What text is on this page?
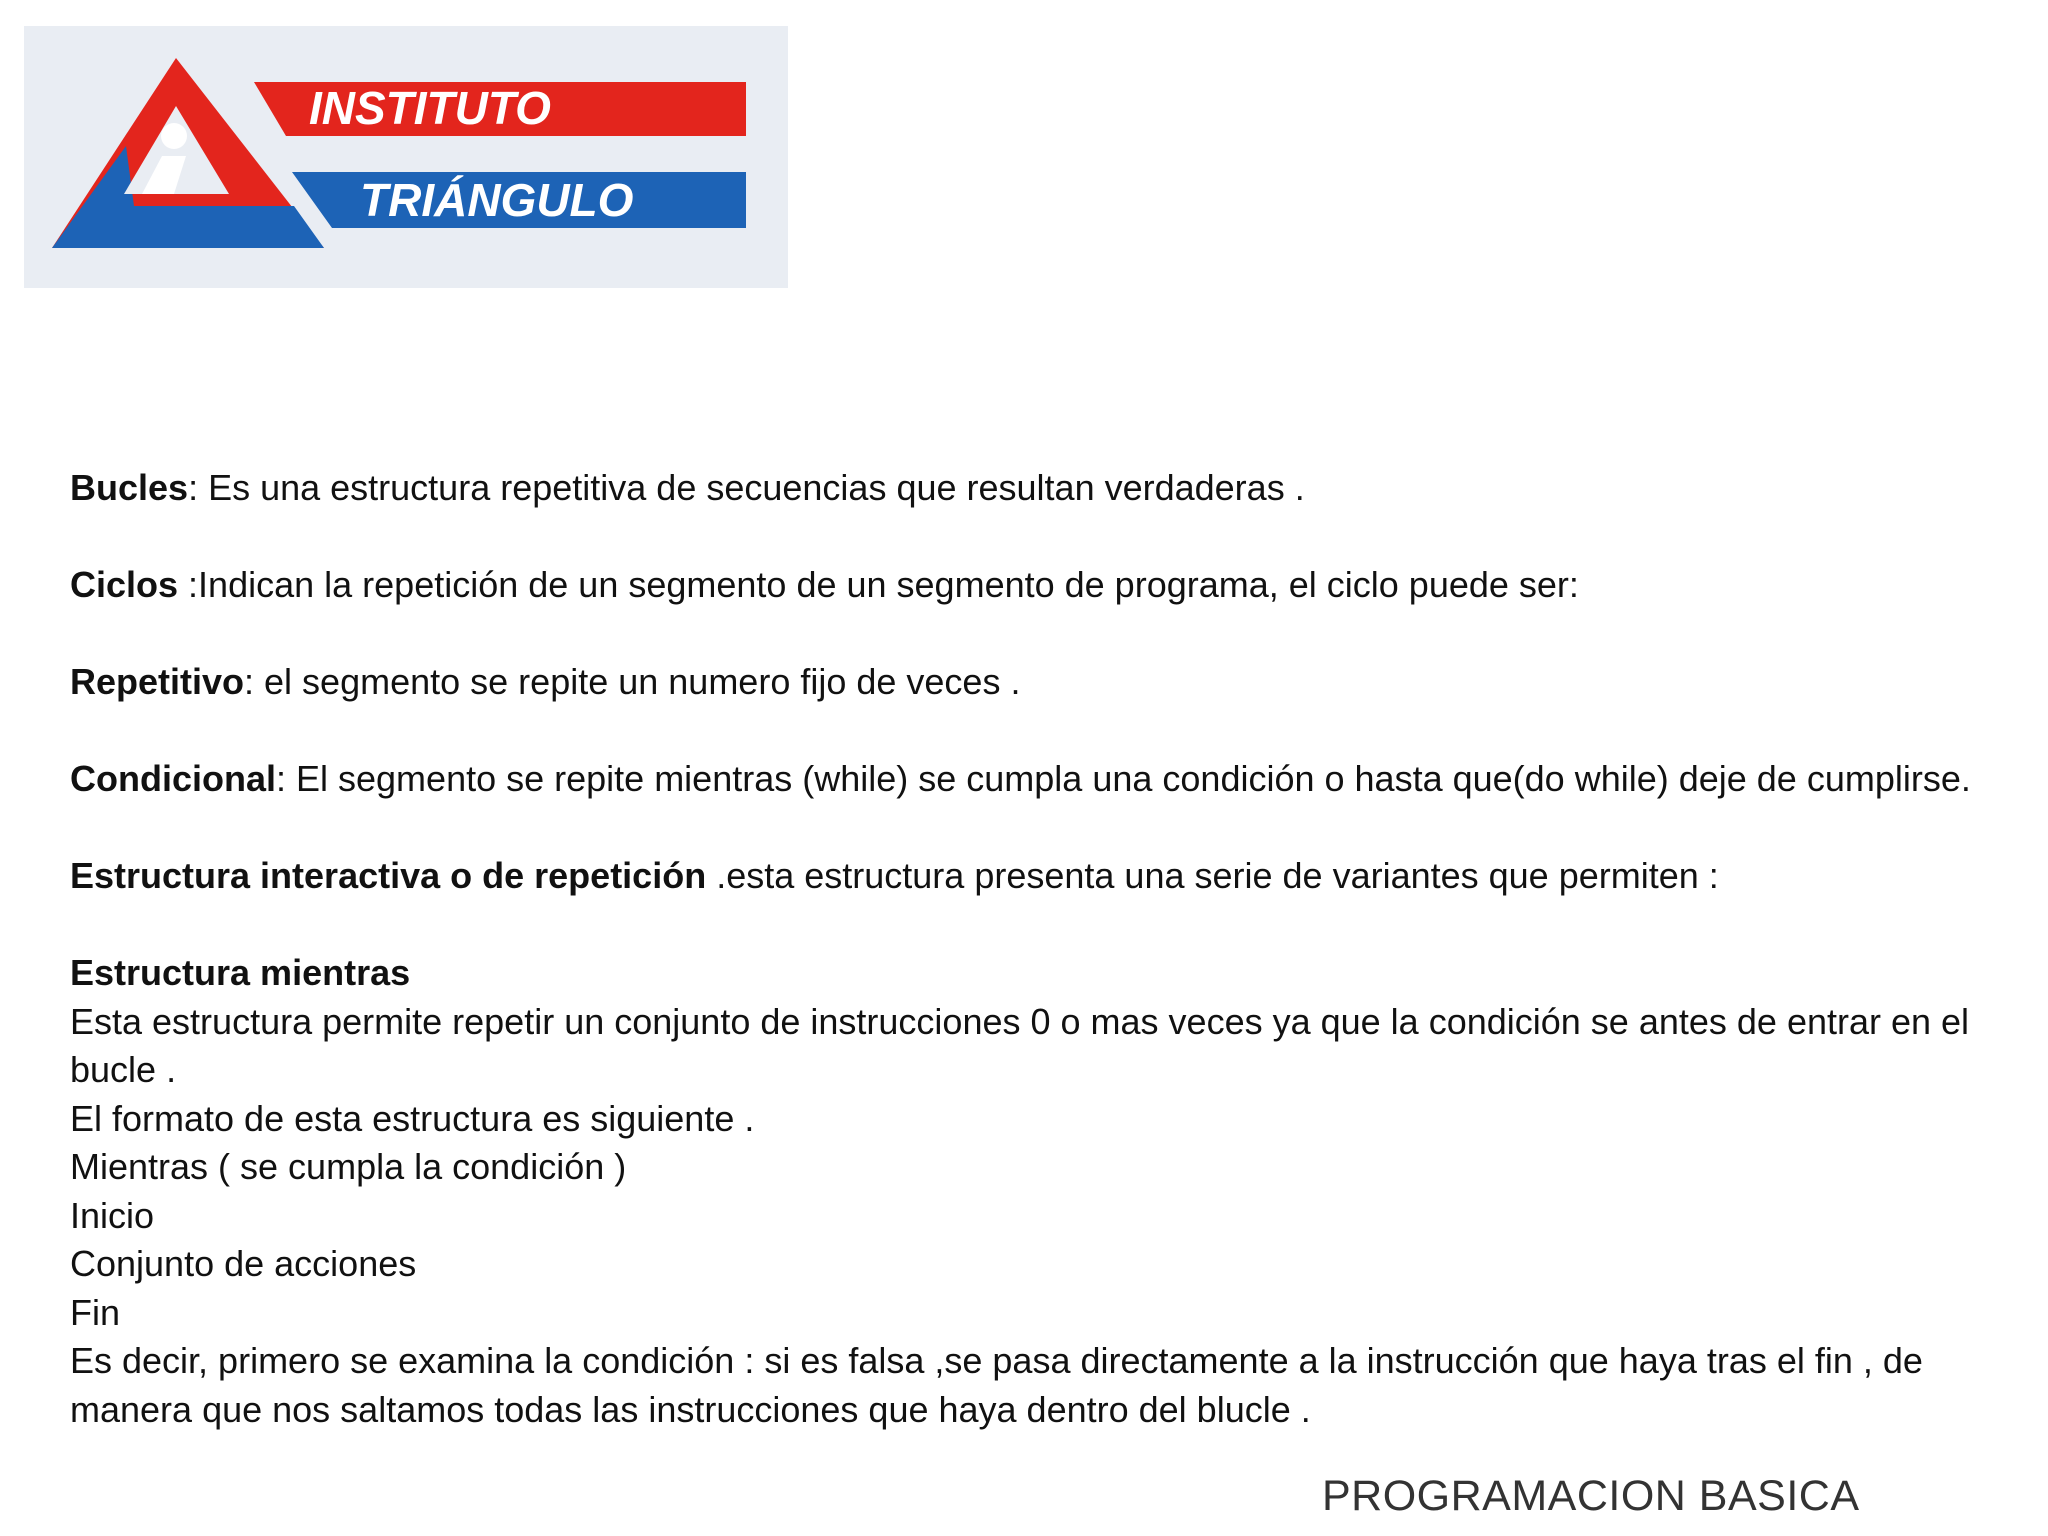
INSTITUTO
TRIÁNGULO

Bucles: Es una estructura repetitiva de secuencias que resultan verdaderas .

Ciclos :Indican la repetición de un segmento de un segmento de programa, el ciclo puede ser:

Repetitivo: el segmento se repite un numero fijo de veces .

Condicional: El segmento se repite mientras (while) se cumpla una condición o hasta que(do while) deje de cumplirse.

Estructura interactiva o de repetición .esta estructura presenta una serie de variantes que permiten :

Estructura mientras

Esta estructura permite repetir un conjunto de instrucciones 0 o mas veces ya que la condición se antes de entrar en el

bucle .

El formato de esta estructura es siguiente .

Mientras ( se cumpla la condición )

Inicio

Conjunto de acciones

Fin

Es decir, primero se examina la condición : si es falsa ,se pasa directamente a la instrucción que haya tras el fin , de

manera que nos saltamos todas las instrucciones que haya dentro del blucle .

PROGRAMACION BASICA
